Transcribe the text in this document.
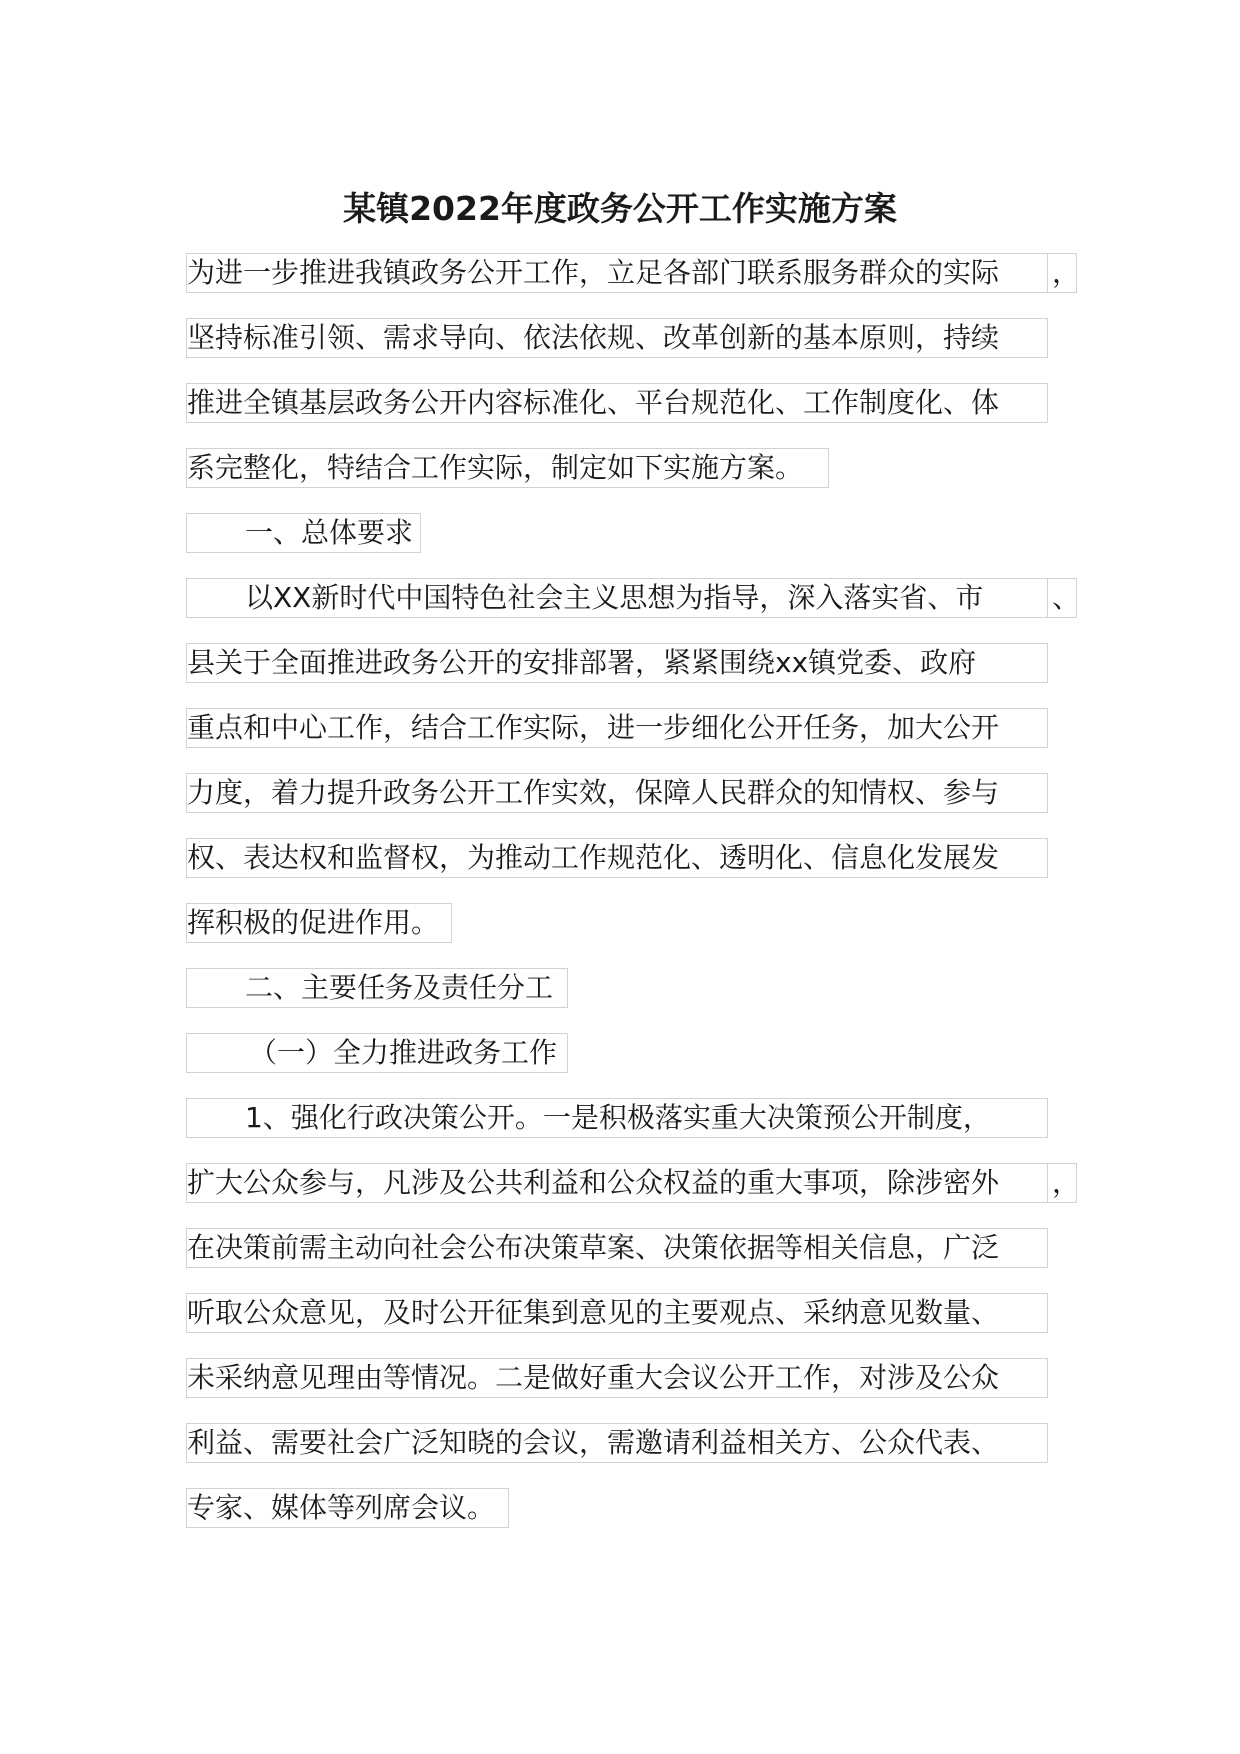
某镇2022年度政务公开工作实施方案
为进一步推进我镇政务公开工作，立足各部门联系服务群众的实际	，
坚持标准引领、需求导向、依法依规、改革创新的基本原则，持续
推进全镇基层政务公开内容标准化、平台规范化、工作制度化、体
系完整化，特结合工作实际，制定如下实施方案。
一、总体要求
以XX新时代中国特色社会主义思想为指导，深入落实省、市	、
县关于全面推进政务公开的安排部署，紧紧围绕xx镇党委、政府
重点和中心工作，结合工作实际，进一步细化公开任务，加大公开
力度，着力提升政务公开工作实效，保障人民群众的知情权、参与
权、表达权和监督权，为推动工作规范化、透明化、信息化发展发
挥积极的促进作用。
二、主要任务及责任分工
（一）全力推进政务工作
1、强化行政决策公开。一是积极落实重大决策预公开制度，
扩大公众参与，凡涉及公共利益和公众权益的重大事项，除涉密外	，
在决策前需主动向社会公布决策草案、决策依据等相关信息，广泛
听取公众意见，及时公开征集到意见的主要观点、采纳意见数量、
未采纳意见理由等情况。二是做好重大会议公开工作，对涉及公众
利益、需要社会广泛知晓的会议，需邀请利益相关方、公众代表、
专家、媒体等列席会议。
